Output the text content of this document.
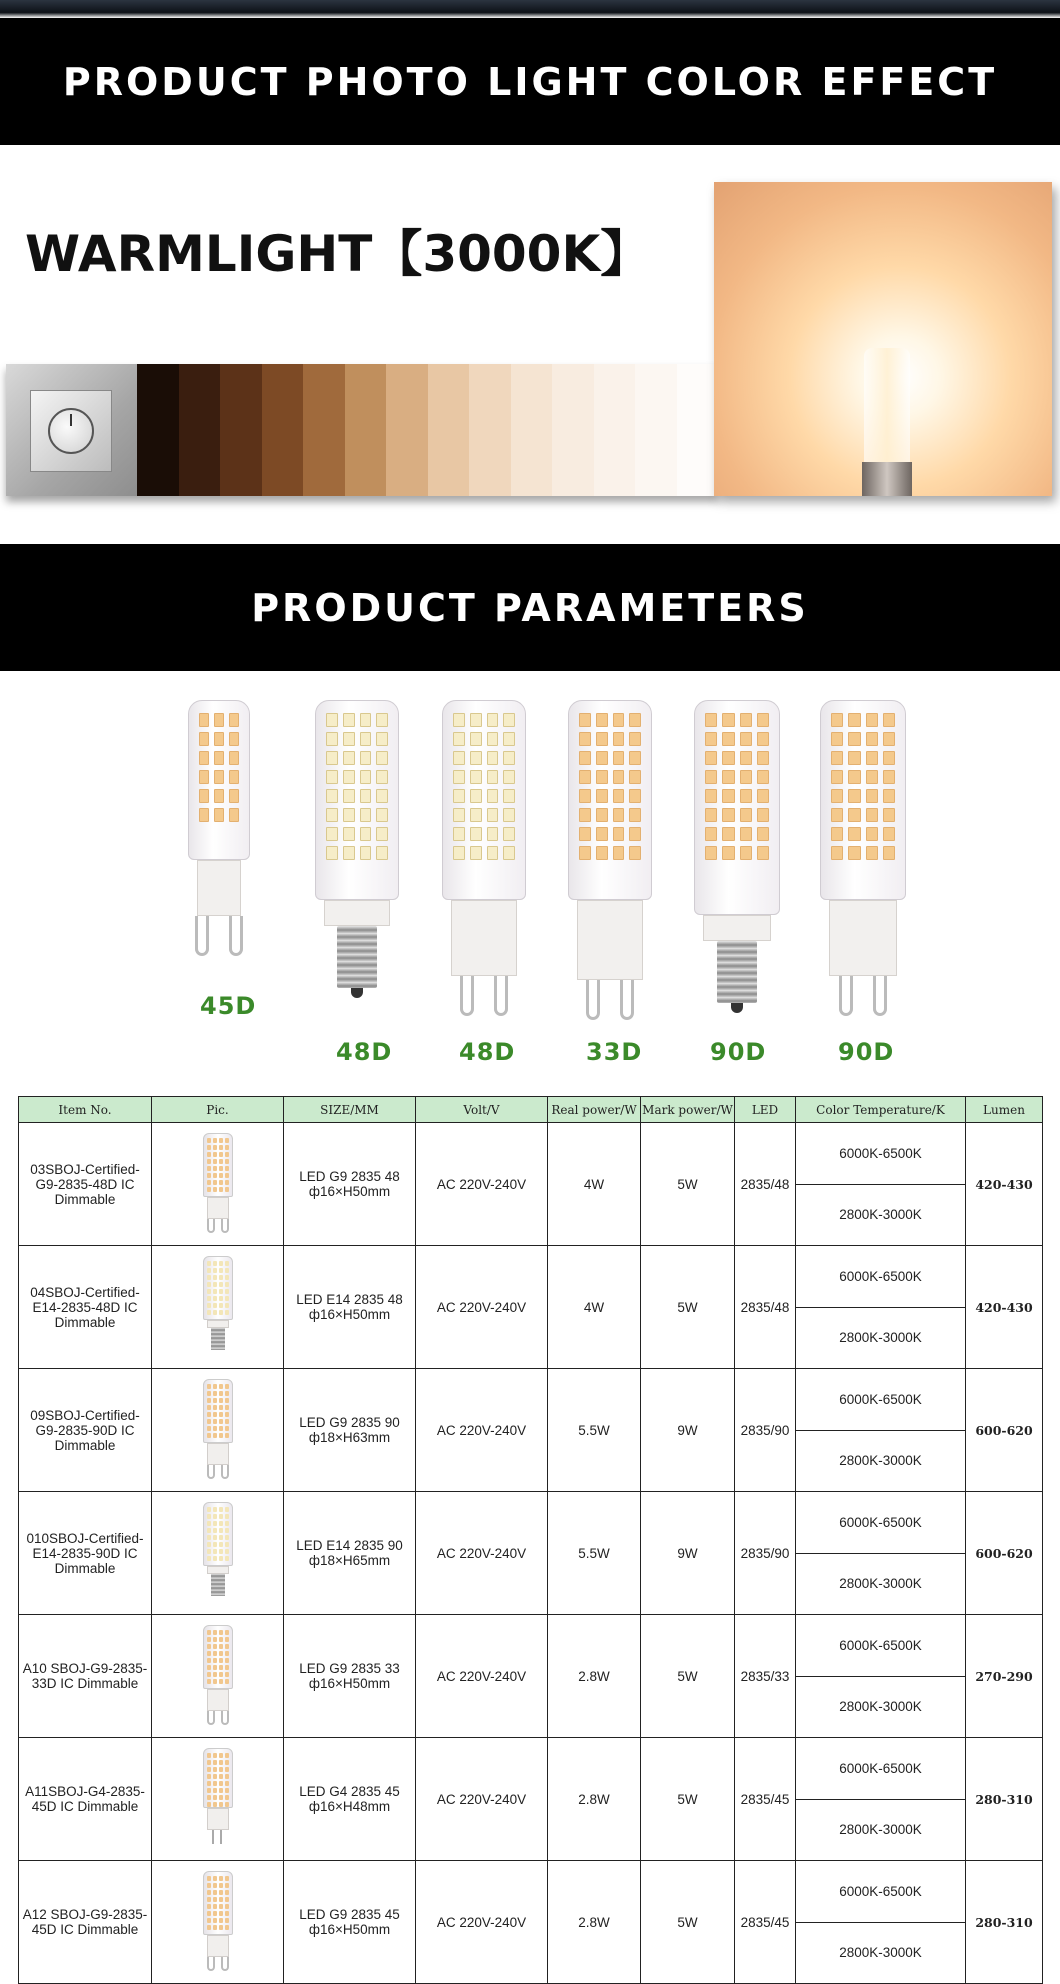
PRODUCT PHOTO LIGHT COLOR EFFECT
WARMLIGHT【3000K】
PRODUCT PARAMETERS
45D
48D	48D	33D	90D	90D
Item No.	Pic.	SIZE/MM	Volt/V	Real power/W	Mark power/W	LED	Color Temperature/K	Lumen
03SBOJ-Certified-G9-2835-48D IC Dimmable		LED G9 2835 48
ф16×H50mm	AC 220V-240V	4W	5W	2835/48	6000K-6500K	420-430
							2800K-3000K	
04SBOJ-Certified-E14-2835-48D IC Dimmable		LED E14 2835 48
ф16×H50mm	AC 220V-240V	4W	5W	2835/48	6000K-6500K	420-430
							2800K-3000K	
09SBOJ-Certified-G9-2835-90D IC Dimmable		LED G9 2835 90
ф18×H63mm	AC 220V-240V	5.5W	9W	2835/90	6000K-6500K	600-620
							2800K-3000K	
010SBOJ-Certified-E14-2835-90D IC Dimmable		LED E14 2835 90
ф18×H65mm	AC 220V-240V	5.5W	9W	2835/90	6000K-6500K	600-620
							2800K-3000K	
A10 SBOJ-G9-2835-33D IC Dimmable		LED G9 2835 33
ф16×H50mm	AC 220V-240V	2.8W	5W	2835/33	6000K-6500K	270-290
							2800K-3000K	
A11SBOJ-G4-2835-45D IC Dimmable		LED G4 2835 45
ф16×H48mm	AC 220V-240V	2.8W	5W	2835/45	6000K-6500K	280-310
							2800K-3000K	
A12 SBOJ-G9-2835-45D IC Dimmable		LED G9 2835 45
ф16×H50mm	AC 220V-240V	2.8W	5W	2835/45	6000K-6500K	280-310
							2800K-3000K	
